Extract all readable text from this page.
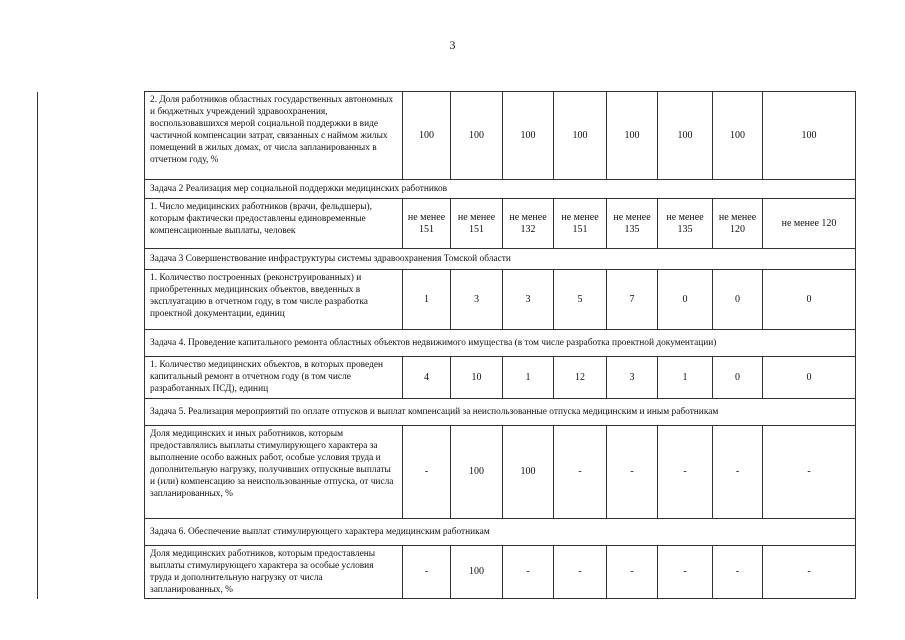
3
	2. Доля работников областных государственных автономных и бюджетных учреждений здравоохранения, воспользовавшихся мерой социальной поддержки в виде частичной компенсации затрат, связанных с наймом жилых помещений в жилых домах, от числа запланированных в отчетном году, %	100	100	100	100	100	100	100	100
	Задача 2 Реализация мер социальной поддержки медицинских работников								
	1. Число медицинских работников (врачи, фельдшеры), которым фактически предоставлены единовременные компенсационные выплаты, человек	не менее 151	не менее 151	не менее 132	не менее 151	не менее 135	не менее 135	не менее 120	не менее 120
	Задача 3 Совершенствование инфраструктуры системы здравоохранения Томской области								
	1. Количество построенных (реконструированных) и приобретенных медицинских объектов, введенных в эксплуатацию в отчетном году, в том числе разработка проектной документации, единиц	1	3	3	5	7	0	0	0
	Задача 4. Проведение капитального ремонта областных объектов недвижимого имущества (в том числе разработка проектной документации)								
	1. Количество медицинских объектов, в которых проведен капитальный ремонт в отчетном году (в том числе разработанных ПСД), единиц	4	10	1	12	3	1	0	0
	Задача 5. Реализация мероприятий по оплате отпусков и выплат компенсаций за неиспользованные отпуска медицинским и иным работникам								
	Доля медицинских и иных работников, которым предоставлялись выплаты стимулирующего характера за выполнение особо важных работ, особые условия труда и дополнительную нагрузку, получивших отпускные выплаты и (или) компенсацию за неиспользованные отпуска, от числа запланированных, %	-	100	100	-	-	-	-	-
	Задача 6. Обеспечение выплат стимулирующего характера медицинским работникам								
	Доля медицинских работников, которым предоставлены выплаты стимулирующего характера за особые условия труда и дополнительную нагрузку от числа запланированных, %	-	100	-	-	-	-	-	-
